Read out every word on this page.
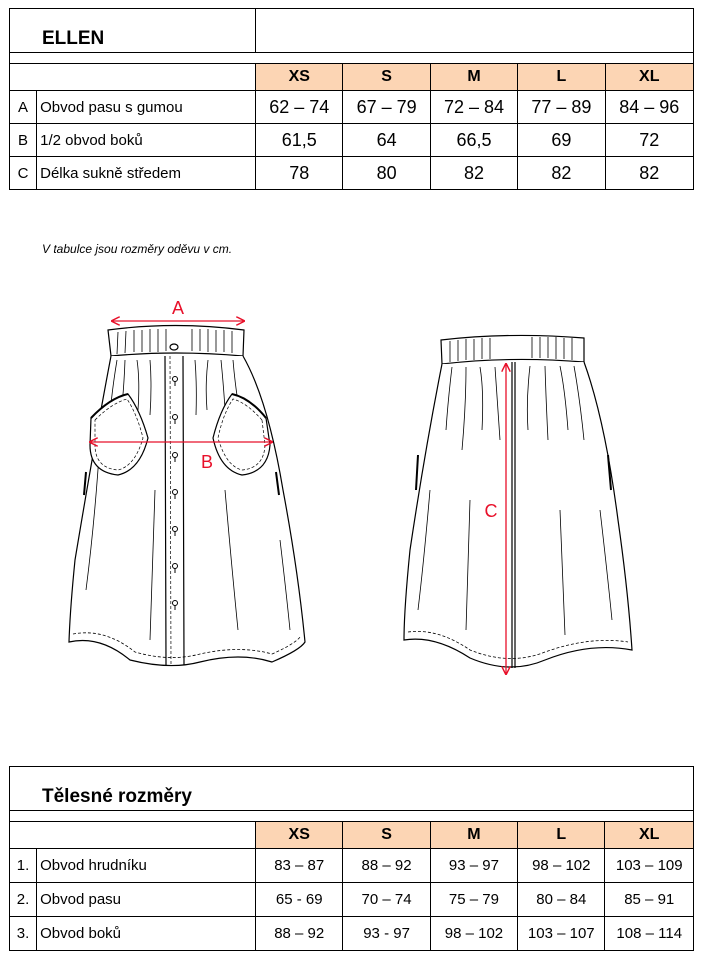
ELLEN						

		XS	S	M	L	XL
A	Obvod pasu s gumou	62 – 74	67 – 79	72 – 84	77 – 89	84 – 96
B	1/2 obvod boků	61,5	64	66,5	69	72
C	Délka sukně středem	78	80	82	82	82
V tabulce jsou rozměry oděvu v cm.
A
B
C
Tělesné rozměry						

		XS	S	M	L	XL
1.	Obvod hrudníku	83 – 87	88 – 92	93 – 97	98 – 102	103 – 109
2.	Obvod pasu	65 - 69	70 – 74	75 – 79	80 – 84	85 – 91
3.	Obvod boků	88 – 92	93 - 97	98 – 102	103 – 107	108 – 114
